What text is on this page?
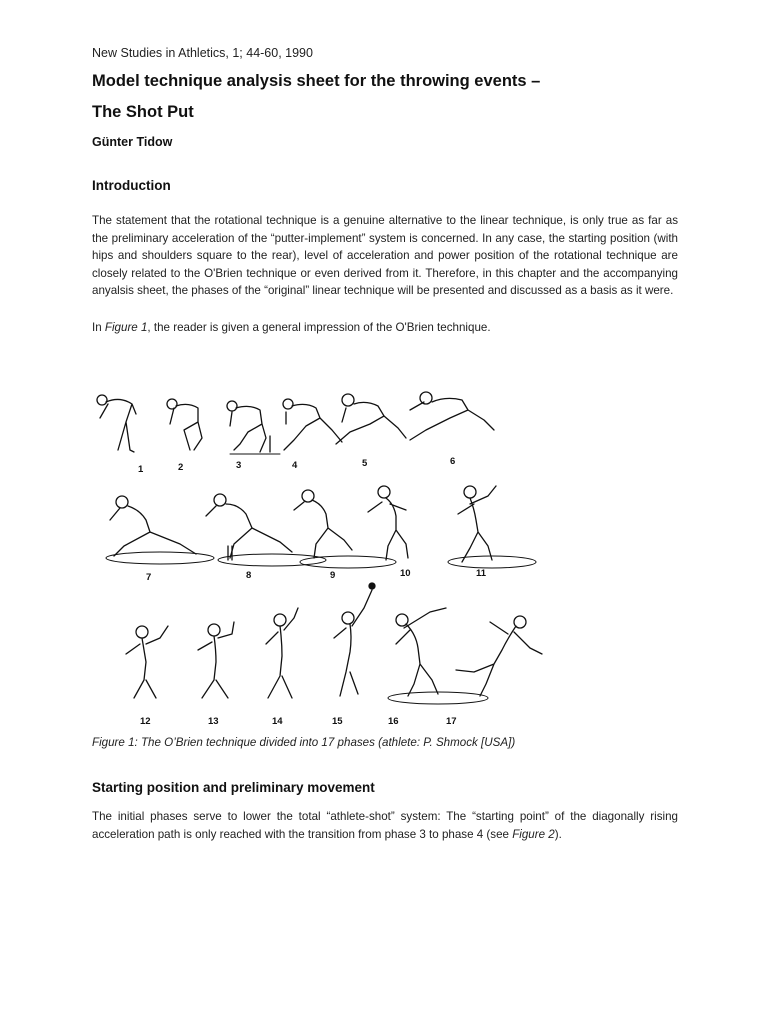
New Studies in Athletics, 1; 44-60, 1990
Model technique analysis sheet for the throwing events –
The Shot Put
Günter Tidow
Introduction

The statement that the rotational technique is a genuine alternative to the linear technique, is only true as far as the preliminary acceleration of the “putter-implement” system is concerned. In any case, the starting position (with hips and shoulders square to the rear), level of acceleration and power position of the rotational technique are closely related to the O'Brien technique or even derived from it. Therefore, in this chapter and the accompanying anyalsis sheet, the phases of the “original” linear technique will be presented and discussed as a basis as it were.

In Figure 1, the reader is given a general impression of the O'Brien technique.

1	2	3	4	5	6
7	8	9	10	11
12	13	14	15	16	17
Figure 1: The O’Brien technique divided into 17 phases (athlete: P. Shmock [USA])
Starting position and preliminary movement

The initial phases serve to lower the total “athlete-shot” system: The “starting point” of the diagonally rising acceleration path is only reached with the transition from phase 3 to phase 4 (see Figure 2).
